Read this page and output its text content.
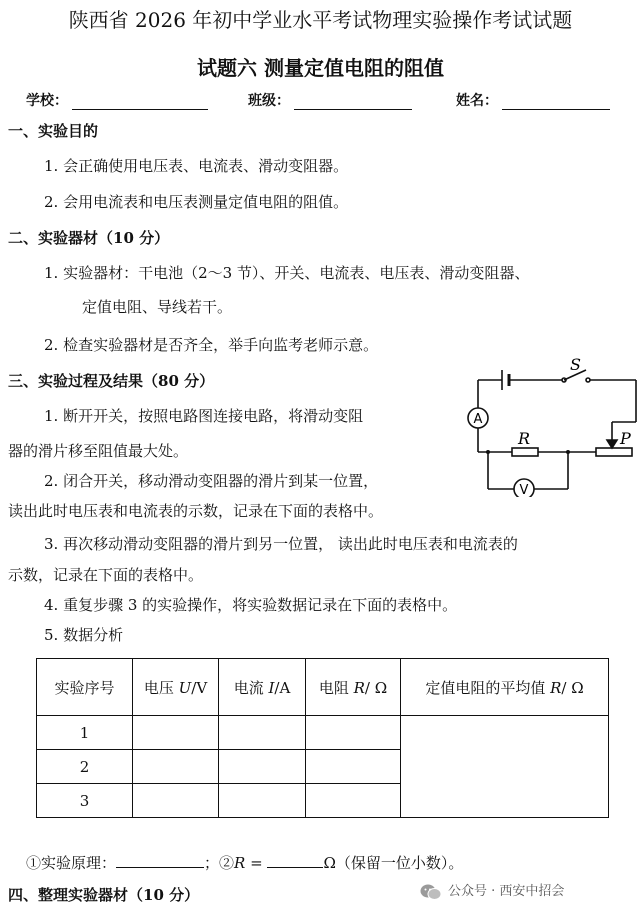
陕西省 2026 年初中学业水平考试物理实验操作考试试题
试题六 测量定值电阻的阻值
学校：	班级：	姓名：
一、实验目的
1. 会正确使用电压表、电流表、滑动变阻器。
2. 会用电流表和电压表测量定值电阻的阻值。
二、实验器材（10 分）
1. 实验器材：干电池（2～3 节）、开关、电流表、电压表、滑动变阻器、
定值电阻、导线若干。
2. 检查实验器材是否齐全，举手向监考老师示意。
三、实验过程及结果（80 分）
1. 断开开关，按照电路图连接电路，将滑动变阻
器的滑片移至阻值最大处。
2. 闭合开关，移动滑动变阻器的滑片到某一位置，
读出此时电压表和电流表的示数，记录在下面的表格中。
3. 再次移动滑动变阻器的滑片到另一位置， 读出此时电压表和电流表的
示数，记录在下面的表格中。
4. 重复步骤 3 的实验操作，将实验数据记录在下面的表格中。
5. 数据分析
S
R	P
A
V
实验序号	电压 U/V	电流 I/A	电阻 R/ Ω	定值电阻的平均值 R/ Ω
1				
2				
3				
①实验原理：	；②R =	Ω（保留一位小数）。
四、整理实验器材（10 分）	公众号 · 西安中招会
